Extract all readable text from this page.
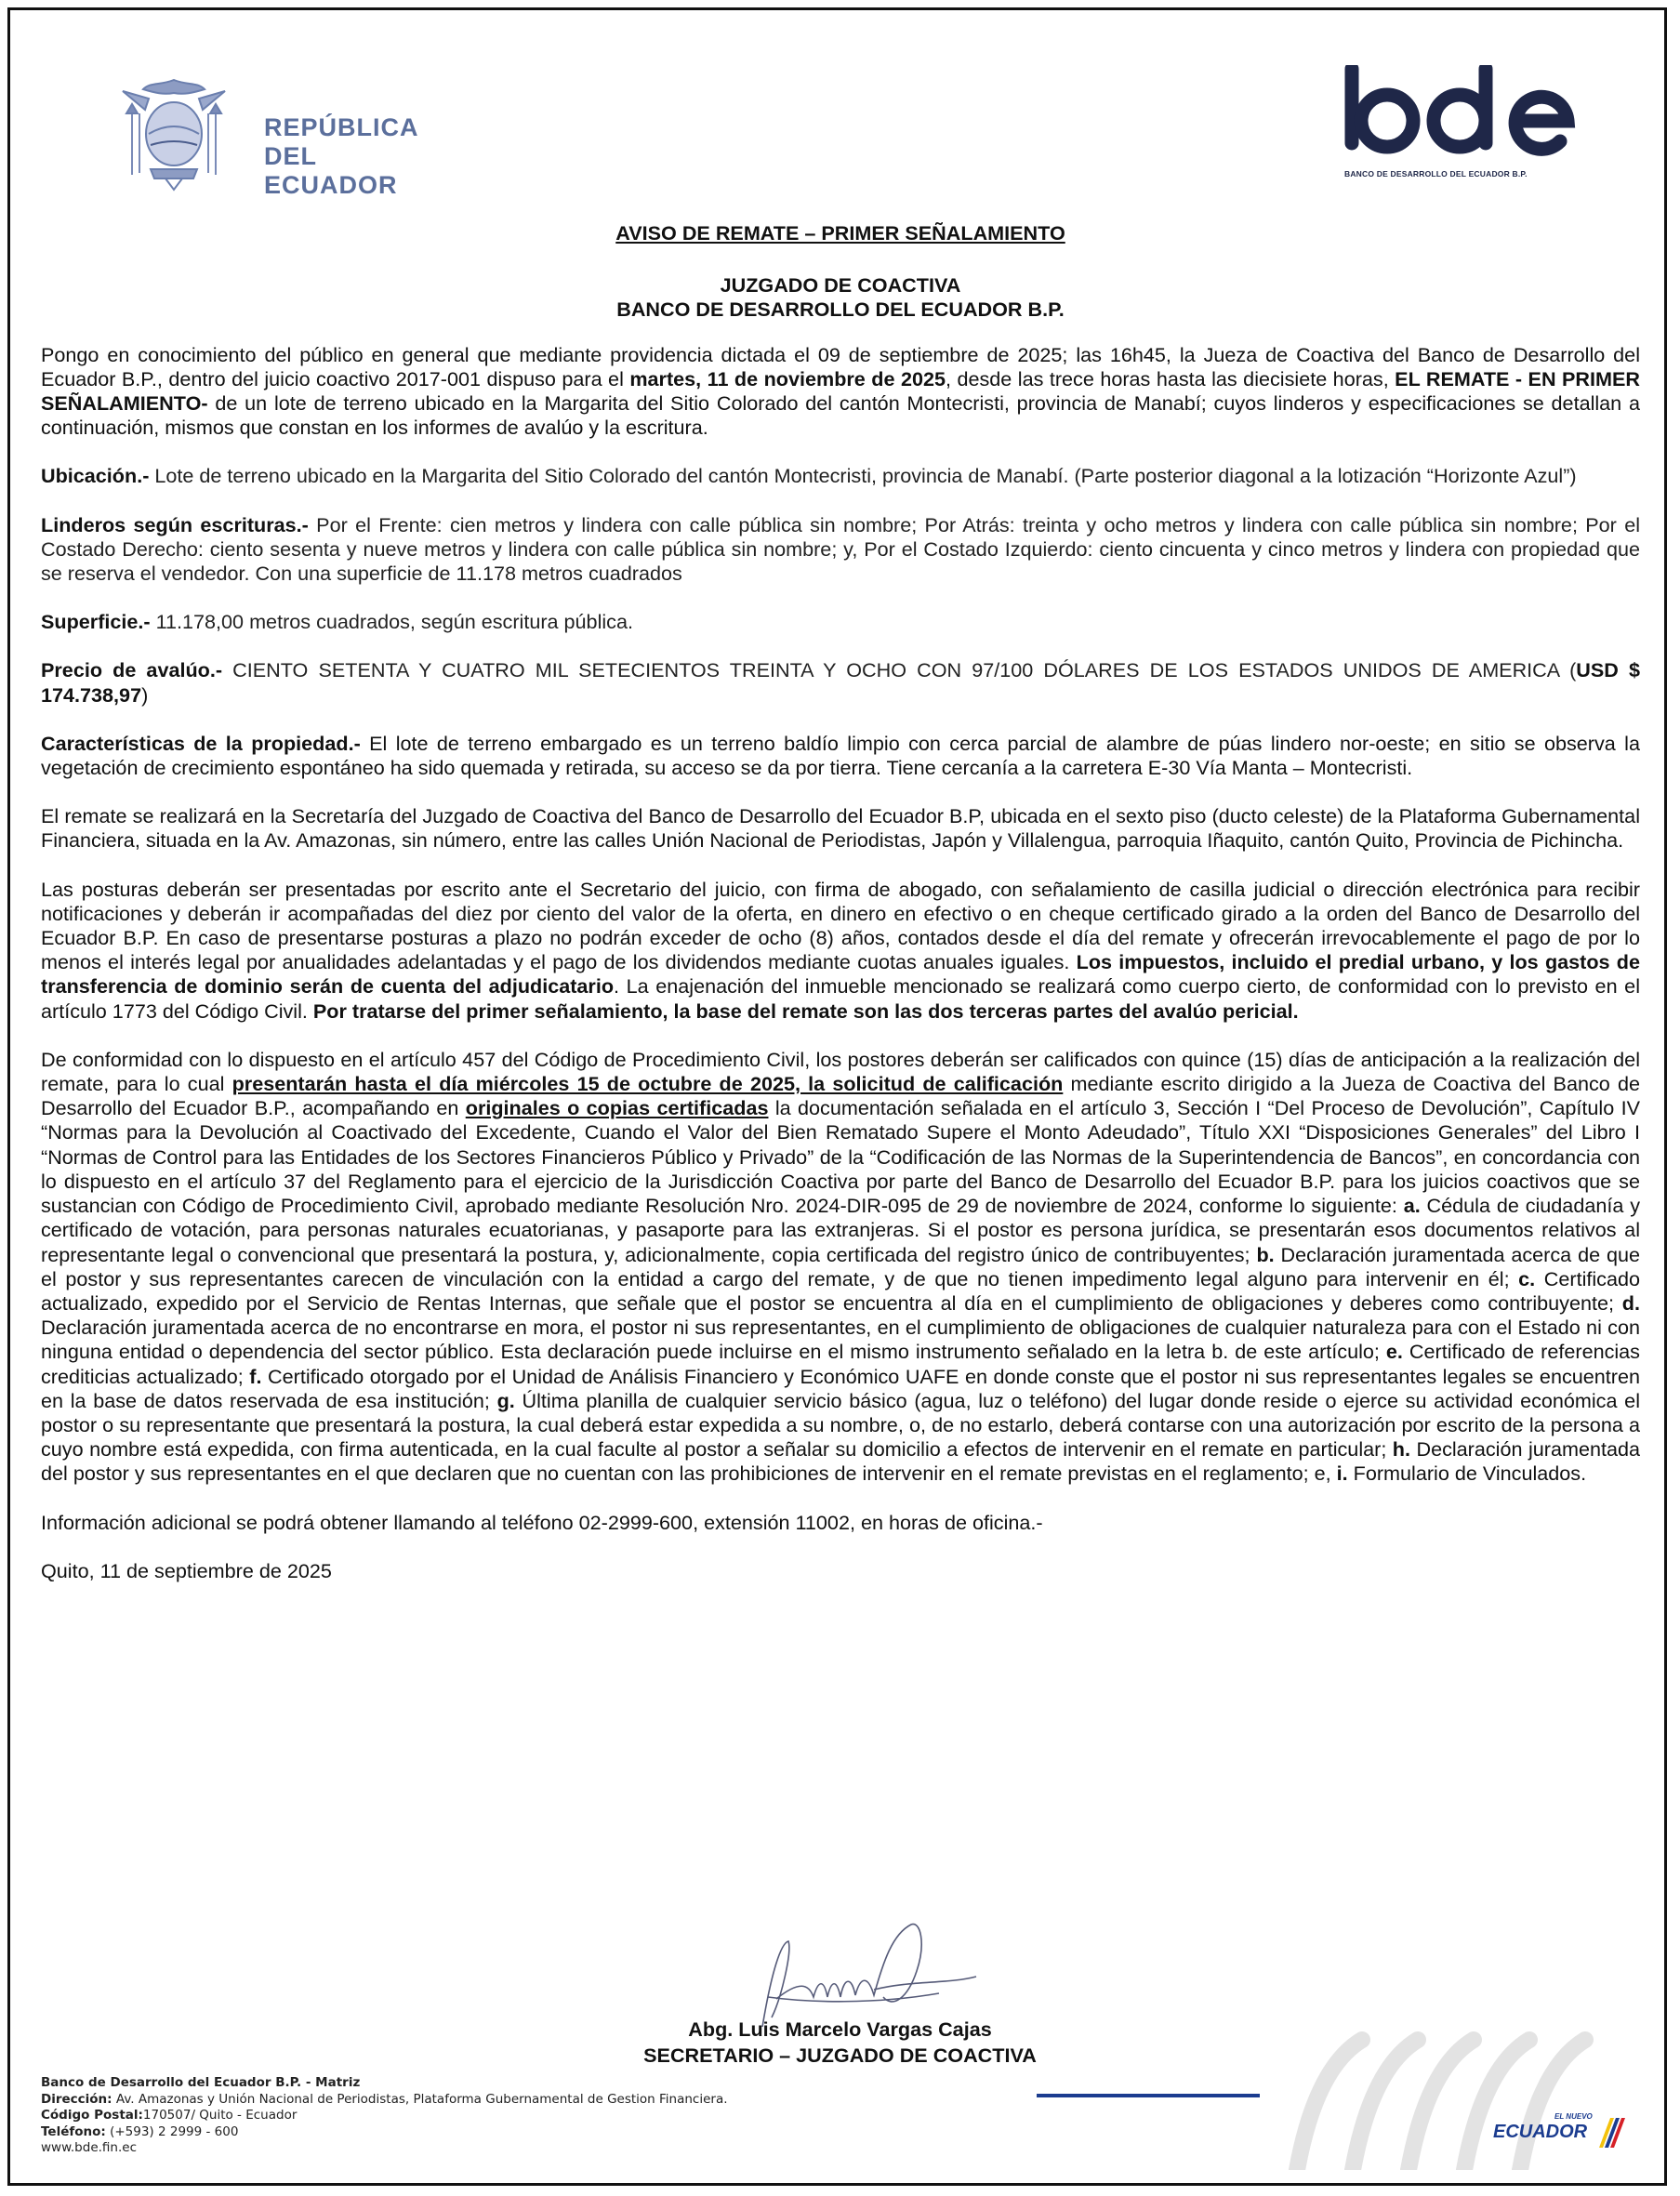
REPÚBLICA
DEL ECUADOR	BANCO DE DESARROLLO DEL ECUADOR B.P.
AVISO DE REMATE – PRIMER SEÑALAMIENTO
JUZGADO DE COACTIVA
BANCO DE DESARROLLO DEL ECUADOR B.P.

Pongo en conocimiento del público en general que mediante providencia dictada el 09 de septiembre de 2025; las 16h45, la Jueza de Coactiva del Banco de Desarrollo del Ecuador B.P., dentro del juicio coactivo 2017-001 dispuso para el martes, 11 de noviembre de 2025, desde las trece horas hasta las diecisiete horas, EL REMATE - EN PRIMER SEÑALAMIENTO- de un lote de terreno ubicado en la Margarita del Sitio Colorado del cantón Montecristi, provincia de Manabí; cuyos linderos y especificaciones se detallan a continuación, mismos que constan en los informes de avalúo y la escritura.

Ubicación.- Lote de terreno ubicado en la Margarita del Sitio Colorado del cantón Montecristi, provincia de Manabí. (Parte posterior diagonal a la lotización “Horizonte Azul”)

Linderos según escrituras.- Por el Frente: cien metros y lindera con calle pública sin nombre; Por Atrás: treinta y ocho metros y lindera con calle pública sin nombre; Por el Costado Derecho: ciento sesenta y nueve metros y lindera con calle pública sin nombre; y, Por el Costado Izquierdo: ciento cincuenta y cinco metros y lindera con propiedad que se reserva el vendedor. Con una superficie de 11.178 metros cuadrados

Superficie.- 11.178,00 metros cuadrados, según escritura pública.

Precio de avalúo.- CIENTO SETENTA Y CUATRO MIL SETECIENTOS TREINTA Y OCHO CON 97/100 DÓLARES DE LOS ESTADOS UNIDOS DE AMERICA (USD $ 174.738,97)

Características de la propiedad.- El lote de terreno embargado es un terreno baldío limpio con cerca parcial de alambre de púas lindero nor-oeste; en sitio se observa la vegetación de crecimiento espontáneo ha sido quemada y retirada, su acceso se da por tierra. Tiene cercanía a la carretera E-30 Vía Manta – Montecristi.

El remate se realizará en la Secretaría del Juzgado de Coactiva del Banco de Desarrollo del Ecuador B.P, ubicada en el sexto piso (ducto celeste) de la Plataforma Gubernamental Financiera, situada en la Av. Amazonas, sin número, entre las calles Unión Nacional de Periodistas, Japón y Villalengua, parroquia Iñaquito, cantón Quito, Provincia de Pichincha.

Las posturas deberán ser presentadas por escrito ante el Secretario del juicio, con firma de abogado, con señalamiento de casilla judicial o dirección electrónica para recibir notificaciones y deberán ir acompañadas del diez por ciento del valor de la oferta, en dinero en efectivo o en cheque certificado girado a la orden del Banco de Desarrollo del Ecuador B.P. En caso de presentarse posturas a plazo no podrán exceder de ocho (8) años, contados desde el día del remate y ofrecerán irrevocablemente el pago de por lo menos el interés legal por anualidades adelantadas y el pago de los dividendos mediante cuotas anuales iguales. Los impuestos, incluido el predial urbano, y los gastos de transferencia de dominio serán de cuenta del adjudicatario. La enajenación del inmueble mencionado se realizará como cuerpo cierto, de conformidad con lo previsto en el artículo 1773 del Código Civil. Por tratarse del primer señalamiento, la base del remate son las dos terceras partes del avalúo pericial.

De conformidad con lo dispuesto en el artículo 457 del Código de Procedimiento Civil, los postores deberán ser calificados con quince (15) días de anticipación a la realización del remate, para lo cual presentarán hasta el día miércoles 15 de octubre de 2025, la solicitud de calificación mediante escrito dirigido a la Jueza de Coactiva del Banco de Desarrollo del Ecuador B.P., acompañando en originales o copias certificadas la documentación señalada en el artículo 3, Sección I “Del Proceso de Devolución”, Capítulo IV “Normas para la Devolución al Coactivado del Excedente, Cuando el Valor del Bien Rematado Supere el Monto Adeudado”, Título XXI “Disposiciones Generales” del Libro I “Normas de Control para las Entidades de los Sectores Financieros Público y Privado” de la “Codificación de las Normas de la Superintendencia de Bancos”, en concordancia con lo dispuesto en el artículo 37 del Reglamento para el ejercicio de la Jurisdicción Coactiva por parte del Banco de Desarrollo del Ecuador B.P. para los juicios coactivos que se sustancian con Código de Procedimiento Civil, aprobado mediante Resolución Nro. 2024-DIR-095 de 29 de noviembre de 2024, conforme lo siguiente: a. Cédula de ciudadanía y certificado de votación, para personas naturales ecuatorianas, y pasaporte para las extranjeras. Si el postor es persona jurídica, se presentarán esos documentos relativos al representante legal o convencional que presentará la postura, y, adicionalmente, copia certificada del registro único de contribuyentes; b. Declaración juramentada acerca de que el postor y sus representantes carecen de vinculación con la entidad a cargo del remate, y de que no tienen impedimento legal alguno para intervenir en él; c. Certificado actualizado, expedido por el Servicio de Rentas Internas, que señale que el postor se encuentra al día en el cumplimiento de obligaciones y deberes como contribuyente; d. Declaración juramentada acerca de no encontrarse en mora, el postor ni sus representantes, en el cumplimiento de obligaciones de cualquier naturaleza para con el Estado ni con ninguna entidad o dependencia del sector público. Esta declaración puede incluirse en el mismo instrumento señalado en la letra b. de este artículo; e. Certificado de referencias crediticias actualizado; f. Certificado otorgado por el Unidad de Análisis Financiero y Económico UAFE en donde conste que el postor ni sus representantes legales se encuentren en la base de datos reservada de esa institución; g. Última planilla de cualquier servicio básico (agua, luz o teléfono) del lugar donde reside o ejerce su actividad económica el postor o su representante que presentará la postura, la cual deberá estar expedida a su nombre, o, de no estarlo, deberá contarse con una autorización por escrito de la persona a cuyo nombre está expedida, con firma autenticada, en la cual faculte al postor a señalar su domicilio a efectos de intervenir en el remate en particular; h. Declaración juramentada del postor y sus representantes en el que declaren que no cuentan con las prohibiciones de intervenir en el remate previstas en el reglamento; e, i. Formulario de Vinculados.

Información adicional se podrá obtener llamando al teléfono 02-2999-600, extensión 11002, en horas de oficina.-

Quito, 11 de septiembre de 2025

Abg. Luis Marcelo Vargas Cajas
SECRETARIO – JUZGADO DE COACTIVA
Banco de Desarrollo del Ecuador B.P. - Matriz
Dirección: Av. Amazonas y Unión Nacional de Periodistas, Plataforma Gubernamental de Gestion Financiera.
Código Postal:170507/ Quito - Ecuador
Teléfono: (+593) 2 2999 - 600
www.bde.fin.ec
EL NUEVO
ECUADOR
